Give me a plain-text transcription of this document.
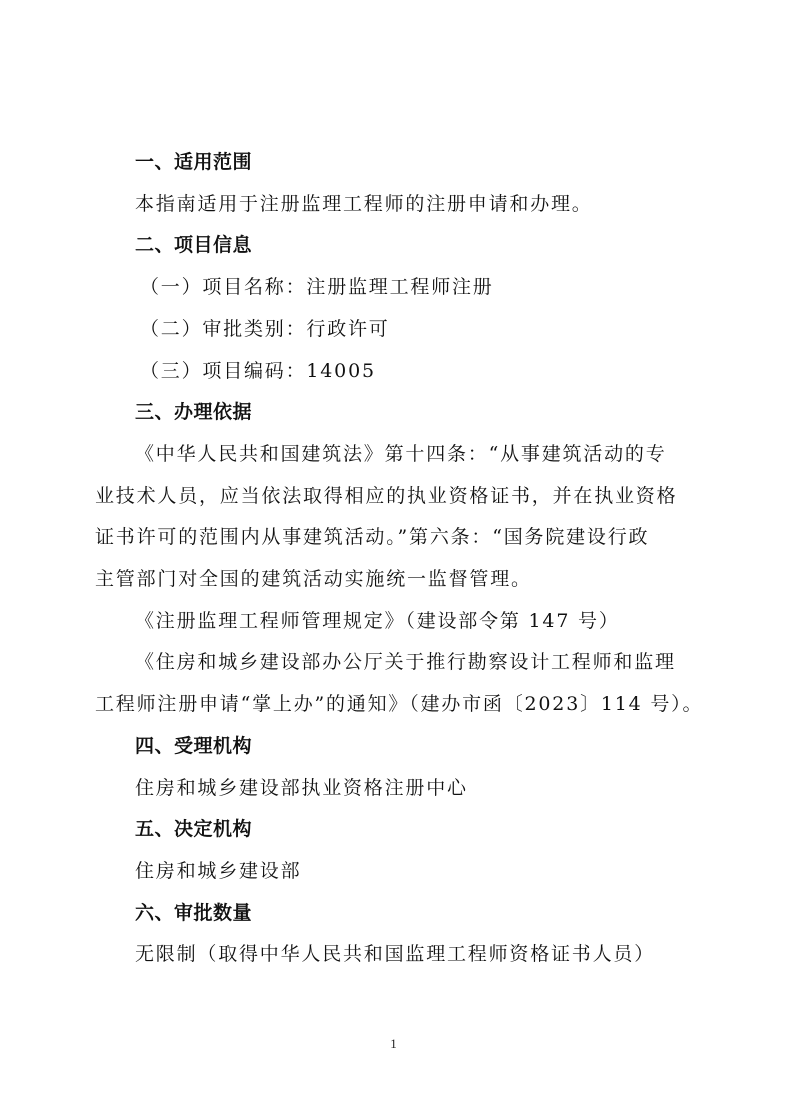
一、适用范围
本指南适用于注册监理工程师的注册申请和办理。
二、项目信息
（一）项目名称：注册监理工程师注册
（二）审批类别：行政许可
（三）项目编码：14005
三、办理依据
《中华人民共和国建筑法》第十四条：“从事建筑活动的专
业技术人员，应当依法取得相应的执业资格证书，并在执业资格
证书许可的范围内从事建筑活动。”第六条：“国务院建设行政
主管部门对全国的建筑活动实施统一监督管理。
《注册监理工程师管理规定》（建设部令第 147 号）
《住房和城乡建设部办公厅关于推行勘察设计工程师和监理
工程师注册申请“掌上办”的通知》（建办市函〔2023〕114 号）。
四、受理机构
住房和城乡建设部执业资格注册中心
五、决定机构
住房和城乡建设部
六、审批数量
无限制（取得中华人民共和国监理工程师资格证书人员）
1
